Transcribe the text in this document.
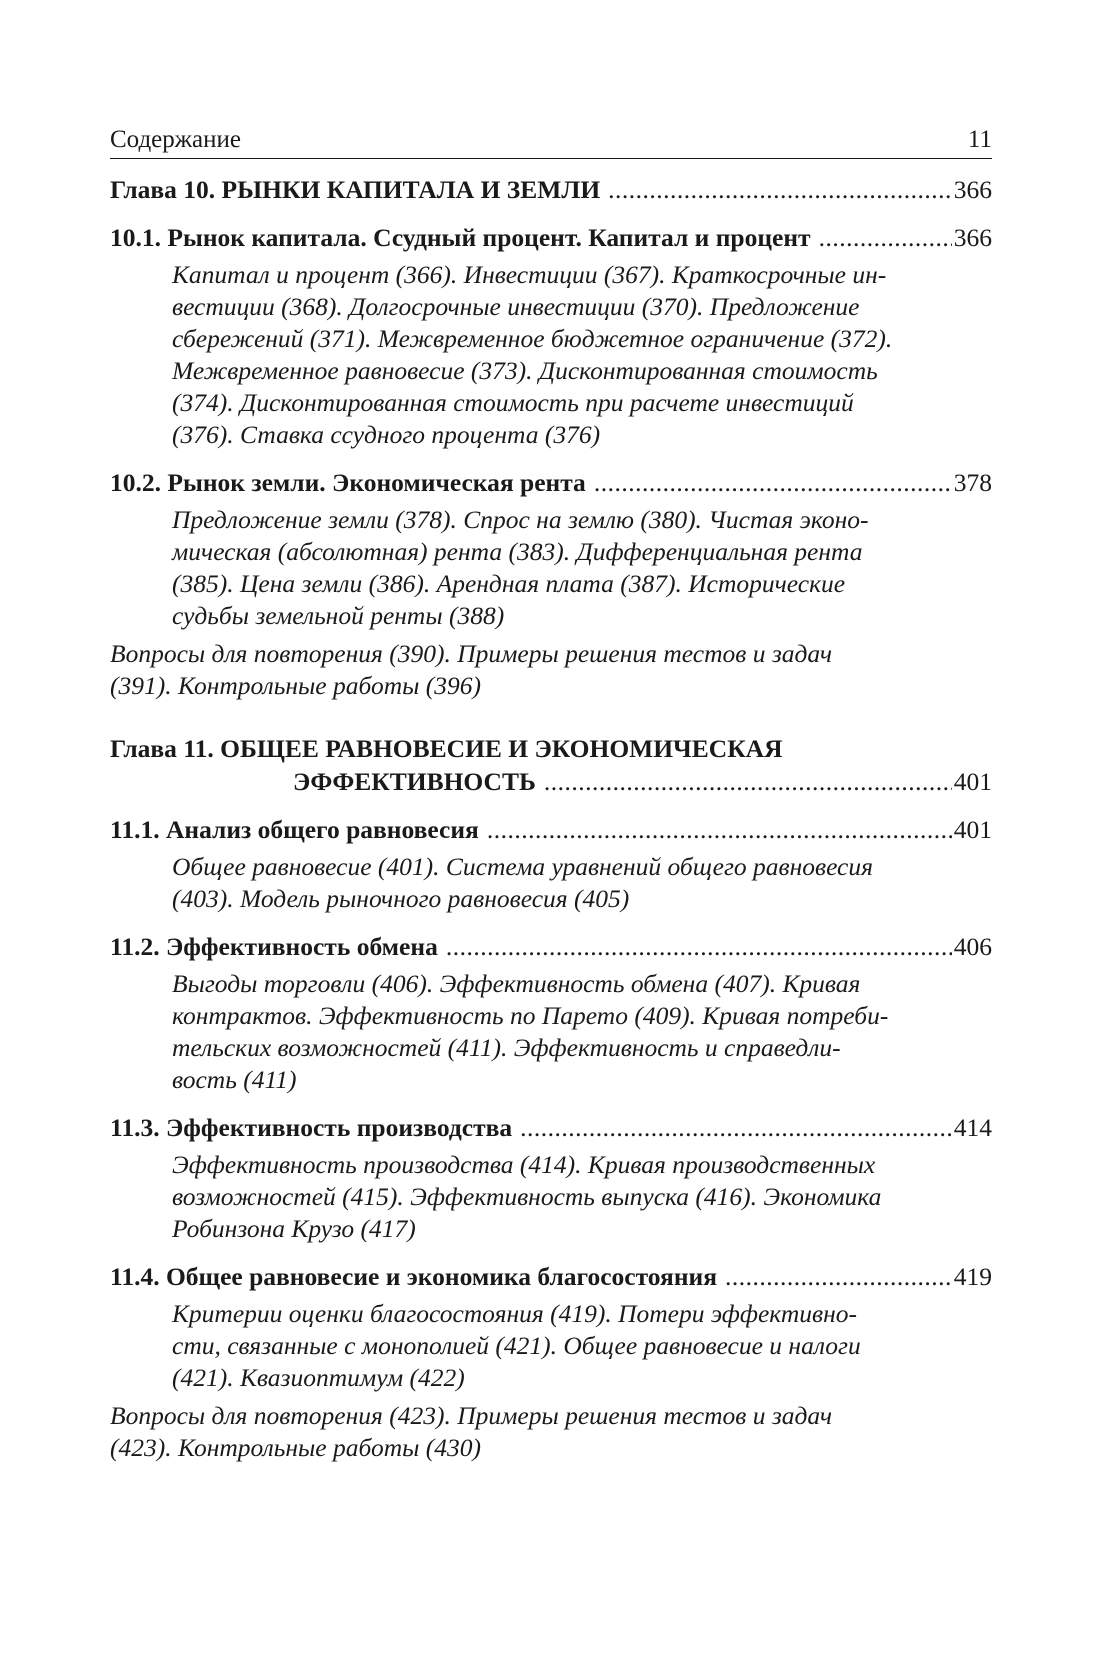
Содержание	11
Глава 10. РЫНКИ КАПИТАЛА И ЗЕМЛИ .....	366
10.1. Рынок капитала. Ссудный процент. Капитал и процент .....	366
Капитал и процент (366). Инвестиции (367). Краткосрочные ин-
вестиции (368). Долгосрочные инвестиции (370). Предложение
сбережений (371). Межвременное бюджетное ограничение (372).
Межвременное равновесие (373). Дисконтированная стоимость
(374). Дисконтированная стоимость при расчете инвестиций
(376). Ставка ссудного процента (376)
10.2. Рынок земли. Экономическая рента .....	378
Предложение земли (378). Спрос на землю (380). Чистая эконо-
мическая (абсолютная) рента (383). Дифференциальная рента
(385). Цена земли (386). Арендная плата (387). Исторические
судьбы земельной ренты (388)
Вопросы для повторения (390). Примеры решения тестов и задач
(391). Контрольные работы (396)
Глава 11. ОБЩЕЕ РАВНОВЕСИЕ И ЭКОНОМИЧЕСКАЯ
ЭФФЕКТИВНОСТЬ .....	401
11.1. Анализ общего равновесия .....	401
Общее равновесие (401). Система уравнений общего равновесия
(403). Модель рыночного равновесия (405)
11.2. Эффективность обмена .....	406
Выгоды торговли (406). Эффективность обмена (407). Кривая
контрактов. Эффективность по Парето (409). Кривая потреби-
тельских возможностей (411). Эффективность и справедли-
вость (411)
11.3. Эффективность производства .....	414
Эффективность производства (414). Кривая производственных
возможностей (415). Эффективность выпуска (416). Экономика
Робинзона Крузо (417)
11.4. Общее равновесие и экономика благосостояния .....	419
Критерии оценки благосостояния (419). Потери эффективно-
сти, связанные с монополией (421). Общее равновесие и налоги
(421). Квазиоптимум (422)
Вопросы для повторения (423). Примеры решения тестов и задач
(423). Контрольные работы (430)
